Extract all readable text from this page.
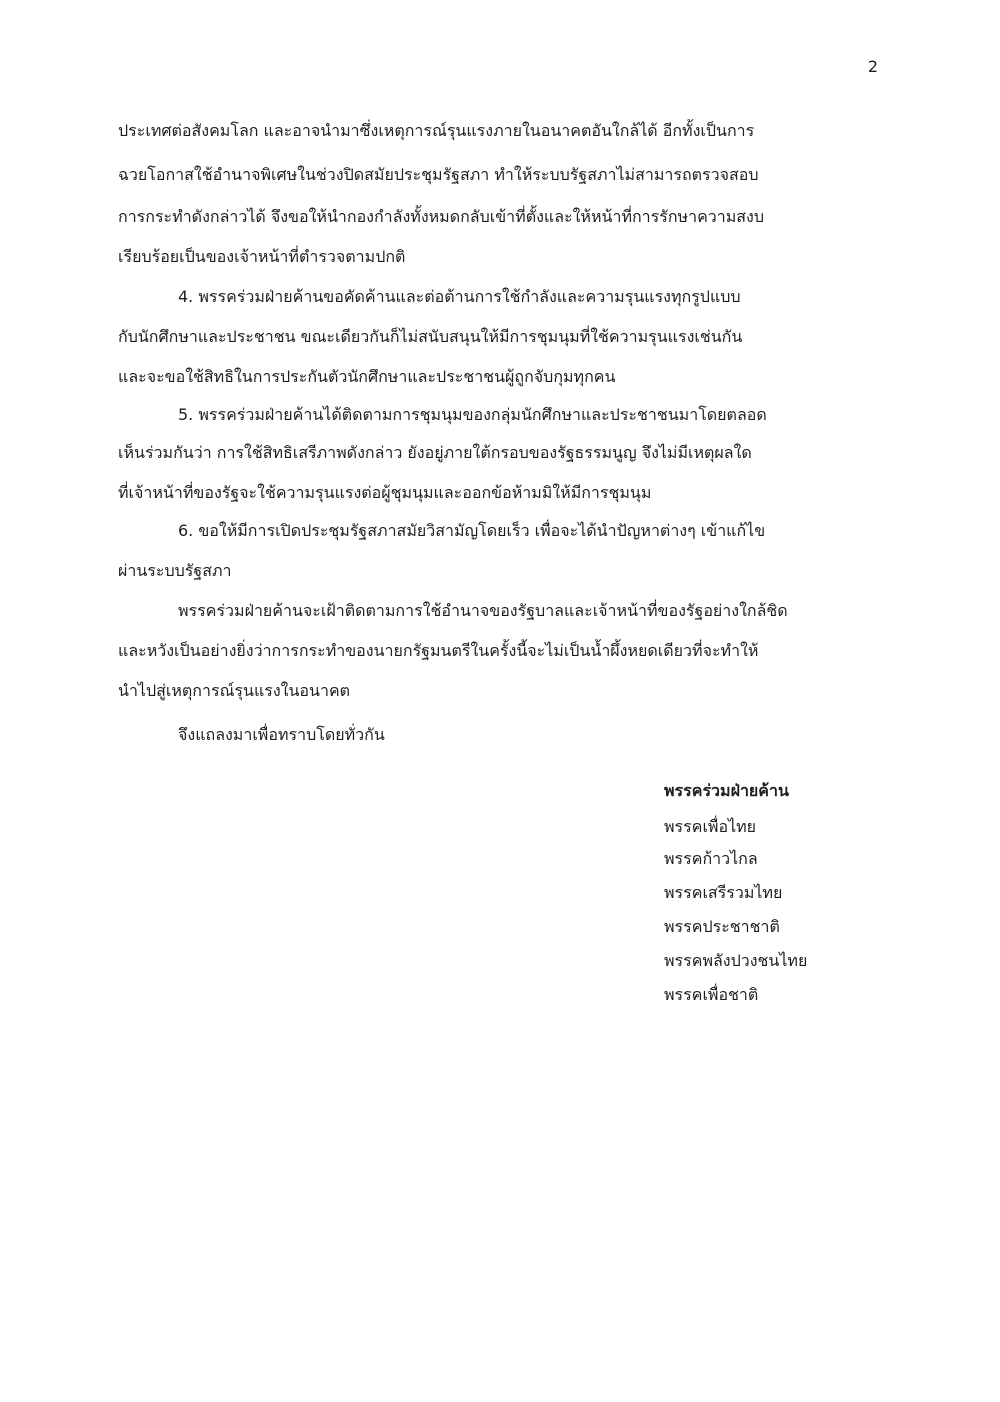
2
ประเทศต่อสังคมโลก และอาจนำมาซึ่งเหตุการณ์รุนแรงภายในอนาคตอันใกล้ได้ อีกทั้งเป็นการ
ฉวยโอกาสใช้อำนาจพิเศษในช่วงปิดสมัยประชุมรัฐสภา ทำให้ระบบรัฐสภาไม่สามารถตรวจสอบ
การกระทำดังกล่าวได้ จึงขอให้นำกองกำลังทั้งหมดกลับเข้าที่ตั้งและให้หน้าที่การรักษาความสงบ
เรียบร้อยเป็นของเจ้าหน้าที่ตำรวจตามปกติ
4. พรรคร่วมฝ่ายค้านขอคัดค้านและต่อต้านการใช้กำลังและความรุนแรงทุกรูปแบบ
กับนักศึกษาและประชาชน ขณะเดียวกันก็ไม่สนับสนุนให้มีการชุมนุมที่ใช้ความรุนแรงเช่นกัน
และจะขอใช้สิทธิในการประกันตัวนักศึกษาและประชาชนผู้ถูกจับกุมทุกคน
5. พรรคร่วมฝ่ายค้านได้ติดตามการชุมนุมของกลุ่มนักศึกษาและประชาชนมาโดยตลอด
เห็นร่วมกันว่า การใช้สิทธิเสรีภาพดังกล่าว ยังอยู่ภายใต้กรอบของรัฐธรรมนูญ จึงไม่มีเหตุผลใด
ที่เจ้าหน้าที่ของรัฐจะใช้ความรุนแรงต่อผู้ชุมนุมและออกข้อห้ามมิให้มีการชุมนุม
6. ขอให้มีการเปิดประชุมรัฐสภาสมัยวิสามัญโดยเร็ว เพื่อจะได้นำปัญหาต่างๆ เข้าแก้ไข
ผ่านระบบรัฐสภา
พรรคร่วมฝ่ายค้านจะเฝ้าติดตามการใช้อำนาจของรัฐบาลและเจ้าหน้าที่ของรัฐอย่างใกล้ชิด
และหวังเป็นอย่างยิ่งว่าการกระทำของนายกรัฐมนตรีในครั้งนี้จะไม่เป็นน้ำผึ้งหยดเดียวที่จะทำให้
นำไปสู่เหตุการณ์รุนแรงในอนาคต
จึงแถลงมาเพื่อทราบโดยทั่วกัน
พรรคร่วมฝ่ายค้าน
พรรคเพื่อไทย
พรรคก้าวไกล
พรรคเสรีรวมไทย
พรรคประชาชาติ
พรรคพลังปวงชนไทย
พรรคเพื่อชาติ
